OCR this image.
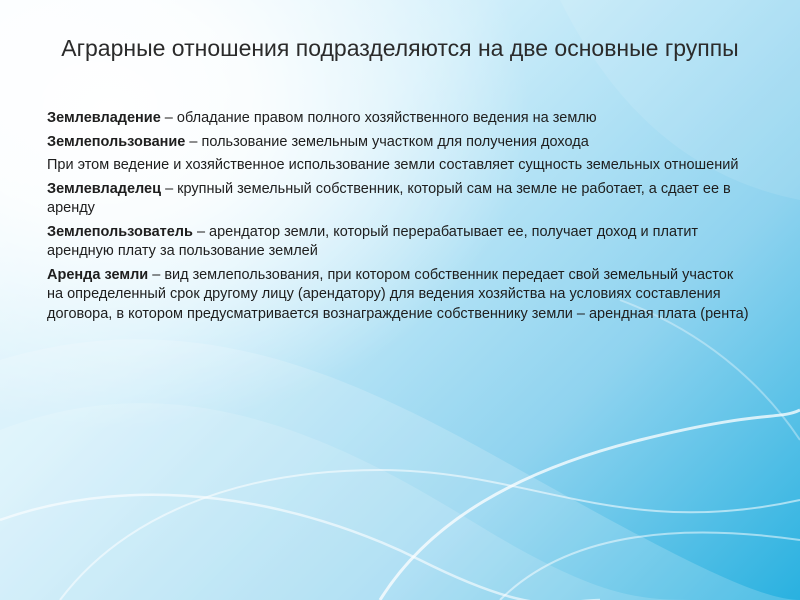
Аграрные отношения подразделяются на две основные группы

Землевладение – обладание правом полного хозяйственного ведения на землю

Землепользование – пользование земельным участком для получения дохода

При этом ведение и хозяйственное использование земли составляет сущность земельных отношений

Землевладелец – крупный земельный собственник, который сам на земле не работает, а сдает ее в аренду

Землепользователь – арендатор земли, который перерабатывает ее, получает доход и платит арендную плату за пользование землей

Аренда земли – вид землепользования, при котором собственник передает свой земельный участок на определенный срок другому лицу (арендатору) для ведения хозяйства на условиях составления договора, в котором предусматривается вознаграждение собственнику земли – арендная плата (рента)
